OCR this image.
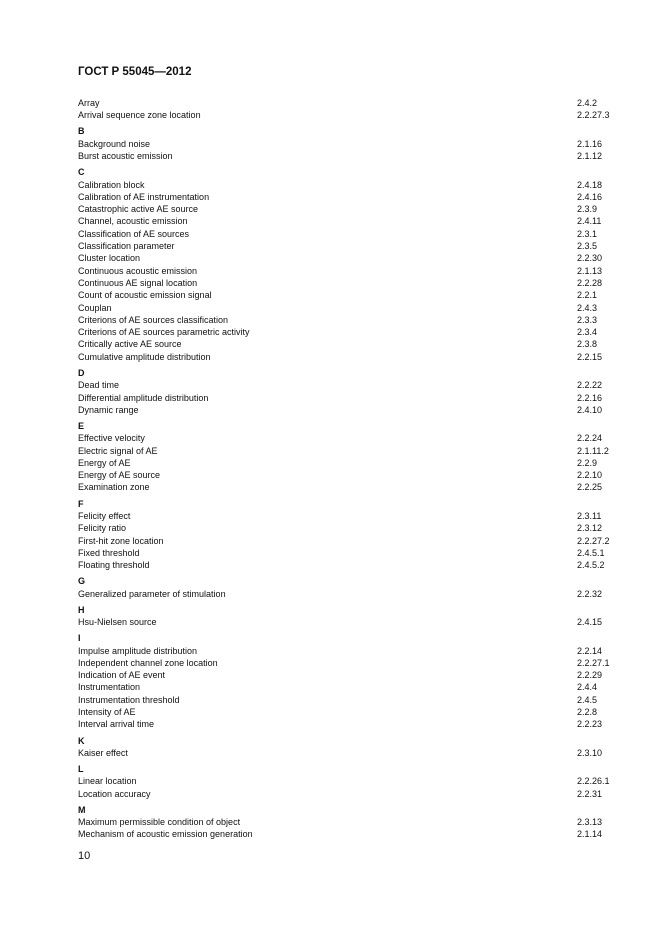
ГОСТ Р 55045—2012
Array	2.4.2
Arrival sequence zone location	2.2.27.3
B
Background noise	2.1.16
Burst acoustic emission	2.1.12
C
Calibration block	2.4.18
Calibration of AE instrumentation	2.4.16
Catastrophic active AE source	2.3.9
Channel, acoustic emission	2.4.11
Classification of AE sources	2.3.1
Classification parameter	2.3.5
Cluster location	2.2.30
Continuous acoustic emission	2.1.13
Continuous AE signal location	2.2.28
Count of acoustic emission signal	2.2.1
Couplan	2.4.3
Criterions of AE sources classification	2.3.3
Criterions of AE sources parametric activity	2.3.4
Critically active AE source	2.3.8
Cumulative amplitude distribution	2.2.15
D
Dead time	2.2.22
Differential amplitude distribution	2.2.16
Dynamic range	2.4.10
E
Effective velocity	2.2.24
Electric signal of AE	2.1.11.2
Energy of AE	2.2.9
Energy of AE source	2.2.10
Examination zone	2.2.25
F
Felicity effect	2.3.11
Felicity ratio	2.3.12
First-hit zone location	2.2.27.2
Fixed threshold	2.4.5.1
Floating threshold	2.4.5.2
G
Generalized parameter of stimulation	2.2.32
H
Hsu-Nielsen source	2.4.15
I
Impulse amplitude distribution	2.2.14
Independent channel zone location	2.2.27.1
Indication of AE event	2.2.29
Instrumentation	2.4.4
Instrumentation threshold	2.4.5
Intensity of AE	2.2.8
Interval arrival time	2.2.23
K
Kaiser effect	2.3.10
L
Linear location	2.2.26.1
Location accuracy	2.2.31
M
Maximum permissible condition of object	2.3.13
Mechanism of acoustic emission generation	2.1.14
10
